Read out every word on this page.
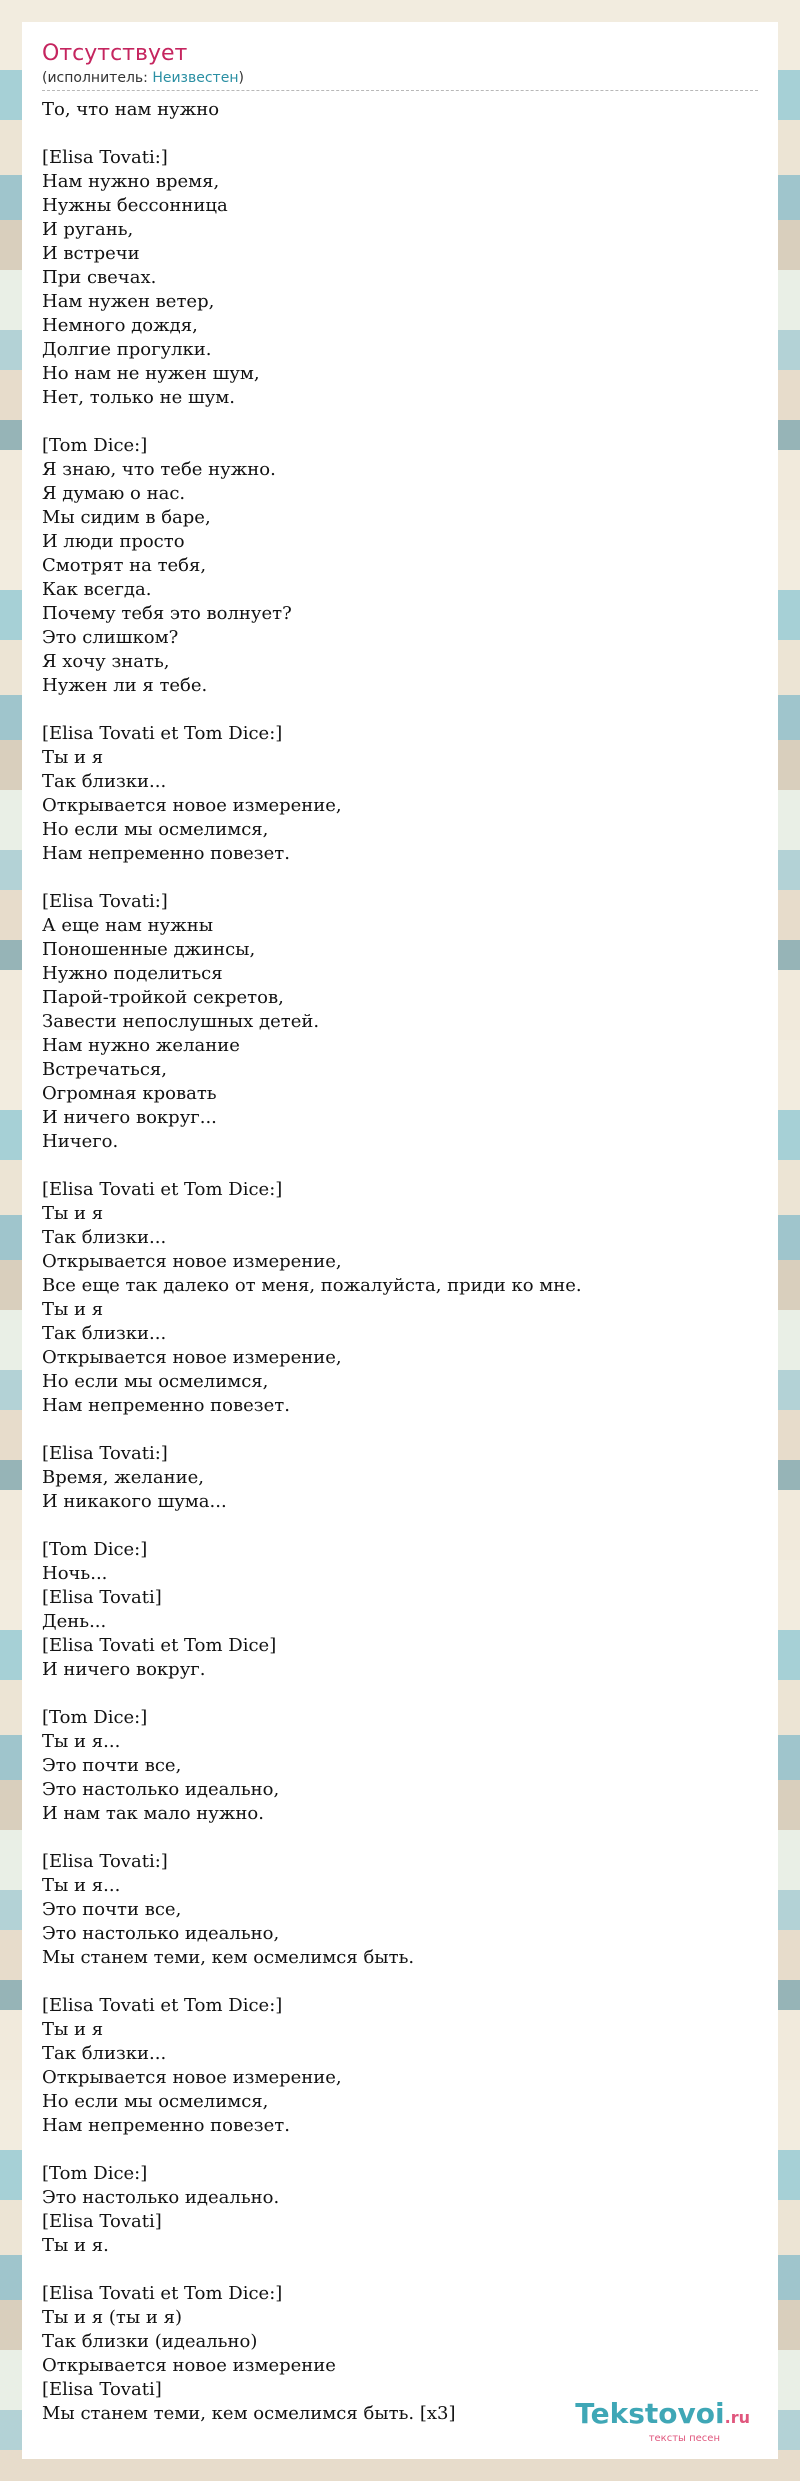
Отсутствует
(исполнитель: Неизвестен)
То, что нам нужно

[Elisa Tovati:]
Нам нужно время,
Нужны бессонница
И ругань,
И встречи
При свечах.
Нам нужен ветер,
Немного дождя,
Долгие прогулки.
Но нам не нужен шум,
Нет, только не шум.

[Tom Dice:]
Я знаю, что тебе нужно.
Я думаю о нас.
Мы сидим в баре,
И люди просто
Смотрят на тебя,
Как всегда.
Почему тебя это волнует?
Это слишком?
Я хочу знать,
Нужен ли я тебе.

[Elisa Tovati et Tom Dice:]
Ты и я
Так близки...
Открывается новое измерение,
Но если мы осмелимся,
Нам непременно повезет.

[Elisa Tovati:]
А еще нам нужны
Поношенные джинсы,
Нужно поделиться
Парой-тройкой секретов,
Завести непослушных детей.
Нам нужно желание
Встречаться,
Огромная кровать
И ничего вокруг...
Ничего.

[Elisa Tovati et Tom Dice:]
Ты и я
Так близки...
Открывается новое измерение,
Все еще так далеко от меня, пожалуйста, приди ко мне.
Ты и я
Так близки...
Открывается новое измерение,
Но если мы осмелимся,
Нам непременно повезет.

[Elisa Tovati:]
Время, желание,
И никакого шума...

[Tom Dice:]
Ночь...
[Elisa Tovati]
День...
[Elisa Tovati et Tom Dice]
И ничего вокруг.

[Tom Dice:]
Ты и я...
Это почти все,
Это настолько идеально,
И нам так мало нужно.

[Elisa Tovati:]
Ты и я...
Это почти все,
Это настолько идеально,
Мы станем теми, кем осмелимся быть.

[Elisa Tovati et Tom Dice:]
Ты и я
Так близки...
Открывается новое измерение,
Но если мы осмелимся,
Нам непременно повезет.

[Tom Dice:]
Это настолько идеально.
[Elisa Tovati]
Ты и я.

[Elisa Tovati et Tom Dice:]
Ты и я (ты и я)
Так близки (идеально)
Открывается новое измерение
[Elisa Tovati]
Мы станем теми, кем осмелимся быть. [x3]	Tekstovoi.ru
тексты песен
